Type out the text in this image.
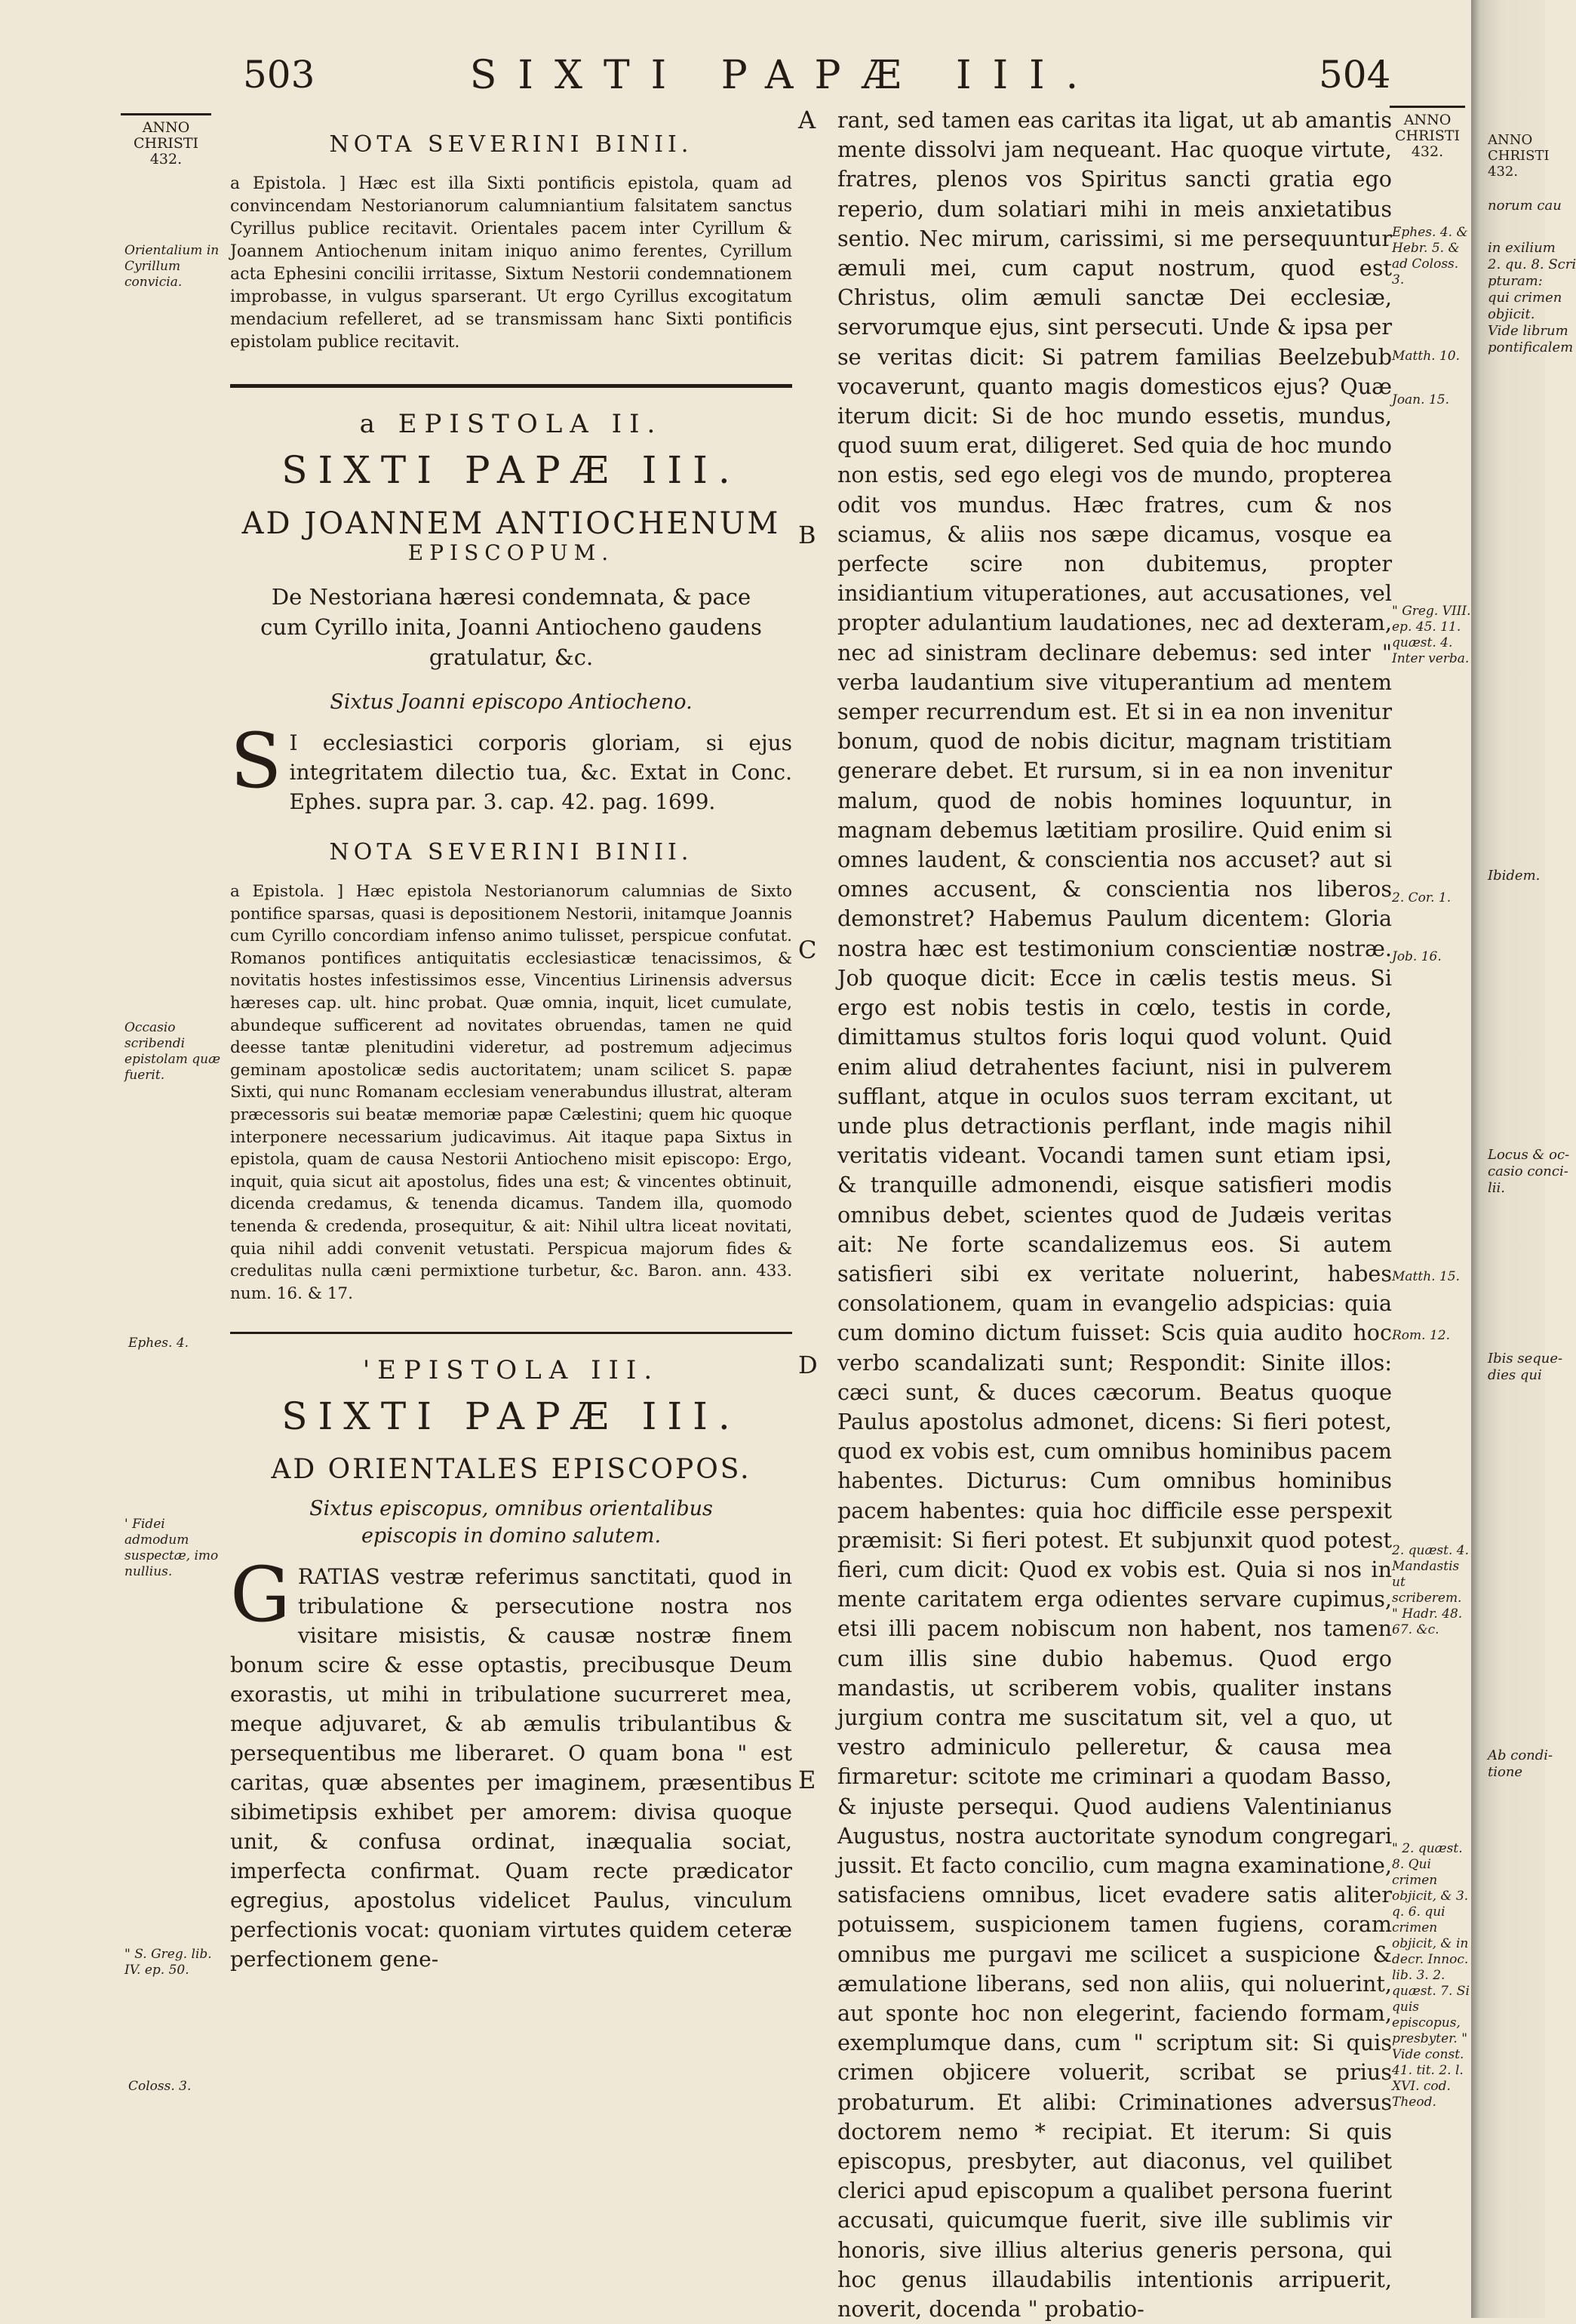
503	SIXTI PAPÆ III.	504
ANNO
CHRISTI
432.
ANNO
CHRISTI
432.
NOTA SEVERINI BINII.
a Epistola. ] Hæc est illa Sixti pontificis epistola, quam ad convincendam Nestorianorum calumniantium falsitatem sanctus Cyrillus publice recitavit. Orientales pacem inter Cyrillum & Joannem Antiochenum initam iniquo animo ferentes, Cyrillum acta Ephesini concilii irritasse, Sixtum Nestorii condemnationem improbasse, in vulgus sparserant. Ut ergo Cyrillus excogitatum mendacium refelleret, ad se transmissam hanc Sixti pontificis epistolam publice recitavit.
a EPISTOLA II.
SIXTI PAPÆ III.
AD JOANNEM ANTIOCHENUM
EPISCOPUM.
De Nestoriana hæresi condemnata, & pace cum Cyrillo inita, Joanni Antiocheno gaudens gratulatur, &c.
Sixtus Joanni episcopo Antiocheno.
S I ecclesiastici corporis gloriam, si ejus integritatem dilectio tua, &c. Extat in Conc. Ephes. supra par. 3. cap. 42. pag. 1699.
NOTA SEVERINI BINII.
a Epistola. ] Hæc epistola Nestorianorum calumnias de Sixto pontifice sparsas, quasi is depositionem Nestorii, initamque Joannis cum Cyrillo concordiam infenso animo tulisset, perspicue confutat. Romanos pontifices antiquitatis ecclesiasticæ tenacissimos, & novitatis hostes infestissimos esse, Vincentius Lirinensis adversus hæreses cap. ult. hinc probat. Quæ omnia, inquit, licet cumulate, abundeque sufficerent ad novitates obruendas, tamen ne quid deesse tantæ plenitudini videretur, ad postremum adjecimus geminam apostolicæ sedis auctoritatem; unam scilicet S. papæ Sixti, qui nunc Romanam ecclesiam venerabundus illustrat, alteram præcessoris sui beatæ memoriæ papæ Cælestini; quem hic quoque interponere necessarium judicavimus. Ait itaque papa Sixtus in epistola, quam de causa Nestorii Antiocheno misit episcopo: Ergo, inquit, quia sicut ait apostolus, fides una est; & vincentes obtinuit, dicenda credamus, & tenenda dicamus. Tandem illa, quomodo tenenda & credenda, prosequitur, & ait: Nihil ultra liceat novitati, quia nihil addi convenit vetustati. Perspicua majorum fides & credulitas nulla cæni permixtione turbetur, &c. Baron. ann. 433. num. 16. & 17.
'EPISTOLA III.
SIXTI PAPÆ III.
AD ORIENTALES EPISCOPOS.
Sixtus episcopus, omnibus orientalibus episcopis in domino salutem.
GRATIAS vestræ referimus sanctitati, quod in tribulatione & persecutione nostra nos visitare misistis, & causæ nostræ finem bonum scire & esse optastis, precibusque Deum exorastis, ut mihi in tribulatione sucurreret mea, meque adjuvaret, & ab æmulis tribulantibus & persequentibus me liberaret. O quam bona " est caritas, quæ absentes per imaginem, præsentibus sibimetipsis exhibet per amorem: divisa quoque unit, & confusa ordinat, inæqualia sociat, imperfecta confirmat. Quam recte prædicator egregius, apostolus videlicet Paulus, vinculum perfectionis vocat: quoniam virtutes quidem ceteræ perfectionem gene-
Orientalium in Cyrillum convicia.
Occasio scribendi epistolam quæ fuerit.
Ephes. 4.
' Fidei admodum suspectæ, imo nullius.
" S. Greg. lib. IV. ep. 50.
Coloss. 3.
A
B
C
D
E
rant, sed tamen eas caritas ita ligat, ut ab amantis mente dissolvi jam nequeant. Hac quoque virtute, fratres, plenos vos Spiritus sancti gratia ego reperio, dum solatiari mihi in meis anxietatibus sentio. Nec mirum, carissimi, si me persequuntur æmuli mei, cum caput nostrum, quod est Christus, olim æmuli sanctæ Dei ecclesiæ, servorumque ejus, sint persecuti. Unde & ipsa per se veritas dicit: Si patrem familias Beelzebub vocaverunt, quanto magis domesticos ejus? Quæ iterum dicit: Si de hoc mundo essetis, mundus, quod suum erat, diligeret. Sed quia de hoc mundo non estis, sed ego elegi vos de mundo, propterea odit vos mundus. Hæc fratres, cum & nos sciamus, & aliis nos sæpe dicamus, vosque ea perfecte scire non dubitemus, propter insidiantium vituperationes, aut accusationes, vel propter adulantium laudationes, nec ad dexteram, nec ad sinistram declinare debemus: sed inter " verba laudantium sive vituperantium ad mentem semper recurrendum est. Et si in ea non invenitur bonum, quod de nobis dicitur, magnam tristitiam generare debet. Et rursum, si in ea non invenitur malum, quod de nobis homines loquuntur, in magnam debemus lætitiam prosilire. Quid enim si omnes laudent, & conscientia nos accuset? aut si omnes accusent, & conscientia nos liberos demonstret? Habemus Paulum dicentem: Gloria nostra hæc est testimonium conscientiæ nostræ. Job quoque dicit: Ecce in cælis testis meus. Si ergo est nobis testis in cœlo, testis in corde, dimittamus stultos foris loqui quod volunt. Quid enim aliud detrahentes faciunt, nisi in pulverem sufflant, atque in oculos suos terram excitant, ut unde plus detractionis perflant, inde magis nihil veritatis videant. Vocandi tamen sunt etiam ipsi, & tranquille admonendi, eisque satisfieri modis omnibus debet, scientes quod de Judæis veritas ait: Ne forte scandalizemus eos. Si autem satisfieri sibi ex veritate noluerint, habes consolationem, quam in evangelio adspicias: quia cum domino dictum fuisset: Scis quia audito hoc verbo scandalizati sunt; Respondit: Sinite illos: cæci sunt, & duces cæcorum. Beatus quoque Paulus apostolus admonet, dicens: Si fieri potest, quod ex vobis est, cum omnibus hominibus pacem habentes. Dicturus: Cum omnibus hominibus pacem habentes: quia hoc difficile esse perspexit præmisit: Si fieri potest. Et subjunxit quod potest fieri, cum dicit: Quod ex vobis est. Quia si nos in mente caritatem erga odientes servare cupimus, etsi illi pacem nobiscum non habent, nos tamen cum illis sine dubio habemus. Quod ergo mandastis, ut scriberem vobis, qualiter instans jurgium contra me suscitatum sit, vel a quo, ut vestro adminiculo pelleretur, & causa mea firmaretur: scitote me criminari a quodam Basso, & injuste persequi. Quod audiens Valentinianus Augustus, nostra auctoritate synodum congregari jussit. Et facto concilio, cum magna examinatione, satisfaciens omnibus, licet evadere satis aliter potuissem, suspicionem tamen fugiens, coram omnibus me purgavi me scilicet a suspicione & æmulatione liberans, sed non aliis, qui noluerint, aut sponte hoc non elegerint, faciendo formam, exemplumque dans, cum " scriptum sit: Si quis crimen objicere voluerit, scribat se prius probaturum. Et alibi: Criminationes adversus doctorem nemo * recipiat. Et iterum: Si quis episcopus, presbyter, aut diaconus, vel quilibet clerici apud episcopum a qualibet persona fuerint accusati, quicumque fuerit, sive ille sublimis vir honoris, sive illius alterius generis persona, qui hoc genus illaudabilis intentionis arripuerit, noverit, docenda " probatio-
Ephes. 4. & Hebr. 5. & ad Coloss. 3.
Matth. 10.
Joan. 15.
" Greg. VIII. ep. 45. 11. quæst. 4. Inter verba.
2. Cor. 1.
Job. 16.
Matth. 15.
Rom. 12.
2. quæst. 4. Mandastis ut scriberem. " Hadr. 48. 67. &c.
" 2. quæst. 8. Qui crimen objicit, & 3. q. 6. qui crimen objicit, & in decr. Innoc. lib. 3. 2. quæst. 7. Si quis episcopus, presbyter. " Vide const. 41. tit. 2. l. XVI. cod. Theod.
ANNO
CHRISTI
432.
norum cau
in exilium
2. qu. 8. Scri
pturam:
qui crimen
objicit.
Vide librum
pontificalem
Ibidem.
Locus & oc-
casio conci-
lii.
Ibis seque-
dies qui
Ab condi-
tione
